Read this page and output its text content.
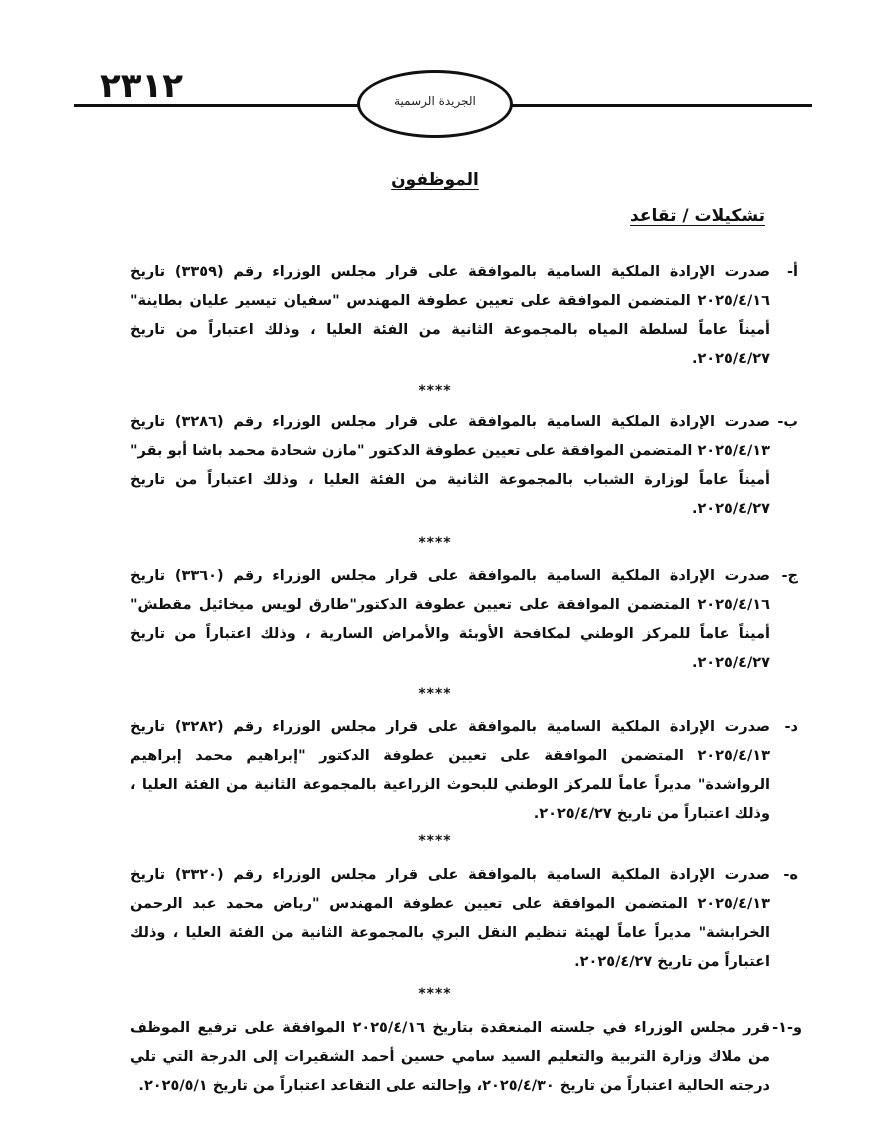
٢٣١٢	الجريدة الرسمية
الموظفون
تشكيلات / تقاعد
أ-
صدرت الإرادة الملكية السامية بالموافقة على قرار مجلس الوزراء رقم (٣٣٥٩) تاريخ ٢٠٢٥/٤/١٦ المتضمن الموافقة على تعيين عطوفة المهندس "سفيان تيسير عليان بطاينة" أميناً عاماً لسلطة المياه بالمجموعة الثانية من الفئة العليا ، وذلك اعتباراً من تاريخ ٢٠٢٥/٤/٢٧.
****
ب-
صدرت الإرادة الملكية السامية بالموافقة على قرار مجلس الوزراء رقم (٣٢٨٦) تاريخ ٢٠٢٥/٤/١٣ المتضمن الموافقة على تعيين عطوفة الدكتور "مازن شحادة محمد باشا أبو بقر" أميناً عاماً لوزارة الشباب بالمجموعة الثانية من الفئة العليا ، وذلك اعتباراً من تاريخ ٢٠٢٥/٤/٢٧.
****
ج-
صدرت الإرادة الملكية السامية بالموافقة على قرار مجلس الوزراء رقم (٣٣٦٠) تاريخ ٢٠٢٥/٤/١٦ المتضمن الموافقة على تعيين عطوفة الدكتور"طارق لويس ميخائيل مقطش" أميناً عاماً للمركز الوطني لمكافحة الأوبئة والأمراض السارية ، وذلك اعتباراً من تاريخ ٢٠٢٥/٤/٢٧.
****
د-
صدرت الإرادة الملكية السامية بالموافقة على قرار مجلس الوزراء رقم (٣٢٨٢) تاريخ ٢٠٢٥/٤/١٣ المتضمن الموافقة على تعيين عطوفة الدكتور "إبراهيم محمد إبراهيم الرواشدة" مديراً عاماً للمركز الوطني للبحوث الزراعية بالمجموعة الثانية من الفئة العليا ، وذلك اعتباراً من تاريخ ٢٠٢٥/٤/٢٧.
****
ه-
صدرت الإرادة الملكية السامية بالموافقة على قرار مجلس الوزراء رقم (٣٣٢٠) تاريخ ٢٠٢٥/٤/١٣ المتضمن الموافقة على تعيين عطوفة المهندس "رياض محمد عبد الرحمن الخرابشة" مديراً عاماً لهيئة تنظيم النقل البري بالمجموعة الثانية من الفئة العليا ، وذلك اعتباراً من تاريخ ٢٠٢٥/٤/٢٧.
****
و-١-
قرر مجلس الوزراء في جلسته المنعقدة بتاريخ ٢٠٢٥/٤/١٦ الموافقة على ترفيع الموظف من ملاك وزارة التربية والتعليم السيد سامي حسين أحمد الشقيرات إلى الدرجة التي تلي درجته الحالية اعتباراً من تاريخ ٢٠٢٥/٤/٣٠، وإحالته على التقاعد اعتباراً من تاريخ ٢٠٢٥/٥/١.
